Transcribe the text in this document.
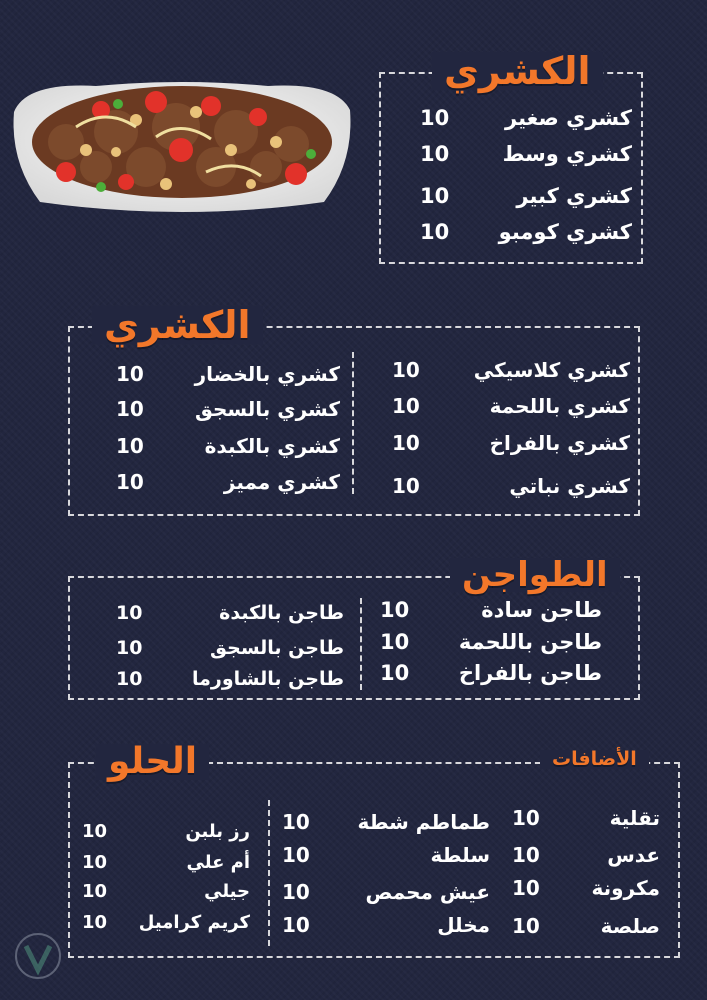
الكشري
10	كشري صغير
10	كشري وسط
10	كشري كبير
10 كشري كومبو
الكشري
10	كشري كلاسيكي
10	كشري باللحمة
10	كشري بالفراخ
10	كشري نباتي
10	كشري بالخضار
10	كشري بالسجق
10	كشري بالكبدة
10	كشري مميز
الطواجن
10	طاجن سادة
10 طاجن باللحمة
10 طاجن بالفراخ
10	طاجن بالكبدة
10	طاجن بالسجق
10	طاجن بالشاورما
الحلو	الأضافات
10	تقلية
10	عدس
10	مكرونة
10	صلصة
10 طماطم شطة
10	سلطة
10	عيش محمص
10	مخلل
10	رز بلبن
10	أم علي
10	جيلي
10 كريم كراميل
